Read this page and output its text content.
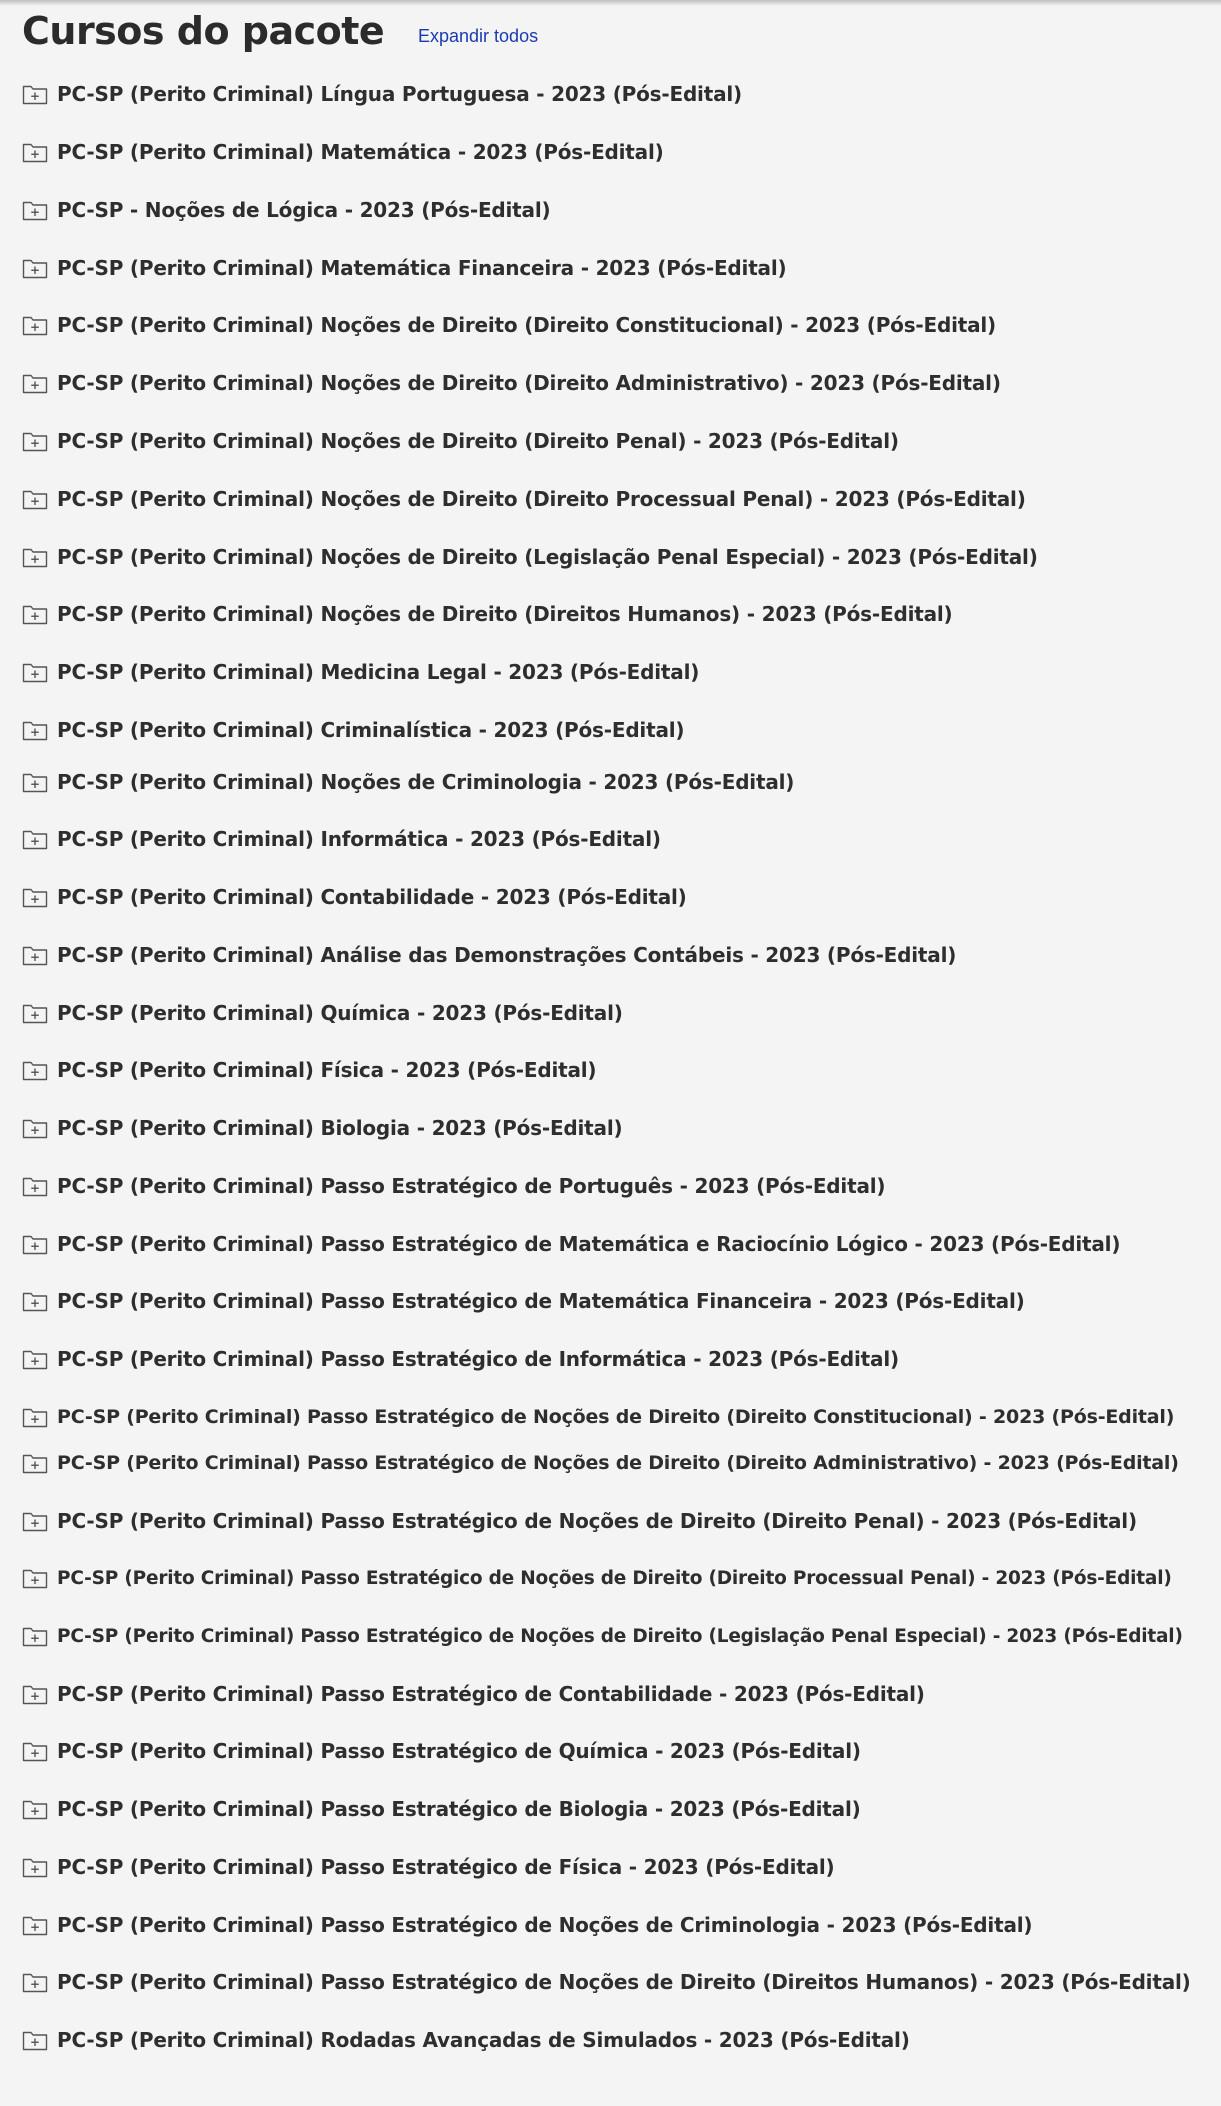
Cursos do pacote Expandir todos
PC-SP (Perito Criminal) Língua Portuguesa - 2023 (Pós-Edital)
PC-SP (Perito Criminal) Matemática - 2023 (Pós-Edital)
PC-SP - Noções de Lógica - 2023 (Pós-Edital)
PC-SP (Perito Criminal) Matemática Financeira - 2023 (Pós-Edital)
PC-SP (Perito Criminal) Noções de Direito (Direito Constitucional) - 2023 (Pós-Edital)
PC-SP (Perito Criminal) Noções de Direito (Direito Administrativo) - 2023 (Pós-Edital)
PC-SP (Perito Criminal) Noções de Direito (Direito Penal) - 2023 (Pós-Edital)
PC-SP (Perito Criminal) Noções de Direito (Direito Processual Penal) - 2023 (Pós-Edital)
PC-SP (Perito Criminal) Noções de Direito (Legislação Penal Especial) - 2023 (Pós-Edital)
PC-SP (Perito Criminal) Noções de Direito (Direitos Humanos) - 2023 (Pós-Edital)
PC-SP (Perito Criminal) Medicina Legal - 2023 (Pós-Edital)
PC-SP (Perito Criminal) Criminalística - 2023 (Pós-Edital)
PC-SP (Perito Criminal) Noções de Criminologia - 2023 (Pós-Edital)
PC-SP (Perito Criminal) Informática - 2023 (Pós-Edital)
PC-SP (Perito Criminal) Contabilidade - 2023 (Pós-Edital)
PC-SP (Perito Criminal) Análise das Demonstrações Contábeis - 2023 (Pós-Edital)
PC-SP (Perito Criminal) Química - 2023 (Pós-Edital)
PC-SP (Perito Criminal) Física - 2023 (Pós-Edital)
PC-SP (Perito Criminal) Biologia - 2023 (Pós-Edital)
PC-SP (Perito Criminal) Passo Estratégico de Português - 2023 (Pós-Edital)
PC-SP (Perito Criminal) Passo Estratégico de Matemática e Raciocínio Lógico - 2023 (Pós-Edital)
PC-SP (Perito Criminal) Passo Estratégico de Matemática Financeira - 2023 (Pós-Edital)
PC-SP (Perito Criminal) Passo Estratégico de Informática - 2023 (Pós-Edital)
PC-SP (Perito Criminal) Passo Estratégico de Noções de Direito (Direito Constitucional) - 2023 (Pós-Edital)
PC-SP (Perito Criminal) Passo Estratégico de Noções de Direito (Direito Administrativo) - 2023 (Pós-Edital)
PC-SP (Perito Criminal) Passo Estratégico de Noções de Direito (Direito Penal) - 2023 (Pós-Edital)
PC-SP (Perito Criminal) Passo Estratégico de Noções de Direito (Direito Processual Penal) - 2023 (Pós-Edital)
PC-SP (Perito Criminal) Passo Estratégico de Noções de Direito (Legislação Penal Especial) - 2023 (Pós-Edital)
PC-SP (Perito Criminal) Passo Estratégico de Contabilidade - 2023 (Pós-Edital)
PC-SP (Perito Criminal) Passo Estratégico de Química - 2023 (Pós-Edital)
PC-SP (Perito Criminal) Passo Estratégico de Biologia - 2023 (Pós-Edital)
PC-SP (Perito Criminal) Passo Estratégico de Física - 2023 (Pós-Edital)
PC-SP (Perito Criminal) Passo Estratégico de Noções de Criminologia - 2023 (Pós-Edital)
PC-SP (Perito Criminal) Passo Estratégico de Noções de Direito (Direitos Humanos) - 2023 (Pós-Edital)
PC-SP (Perito Criminal) Rodadas Avançadas de Simulados - 2023 (Pós-Edital)
